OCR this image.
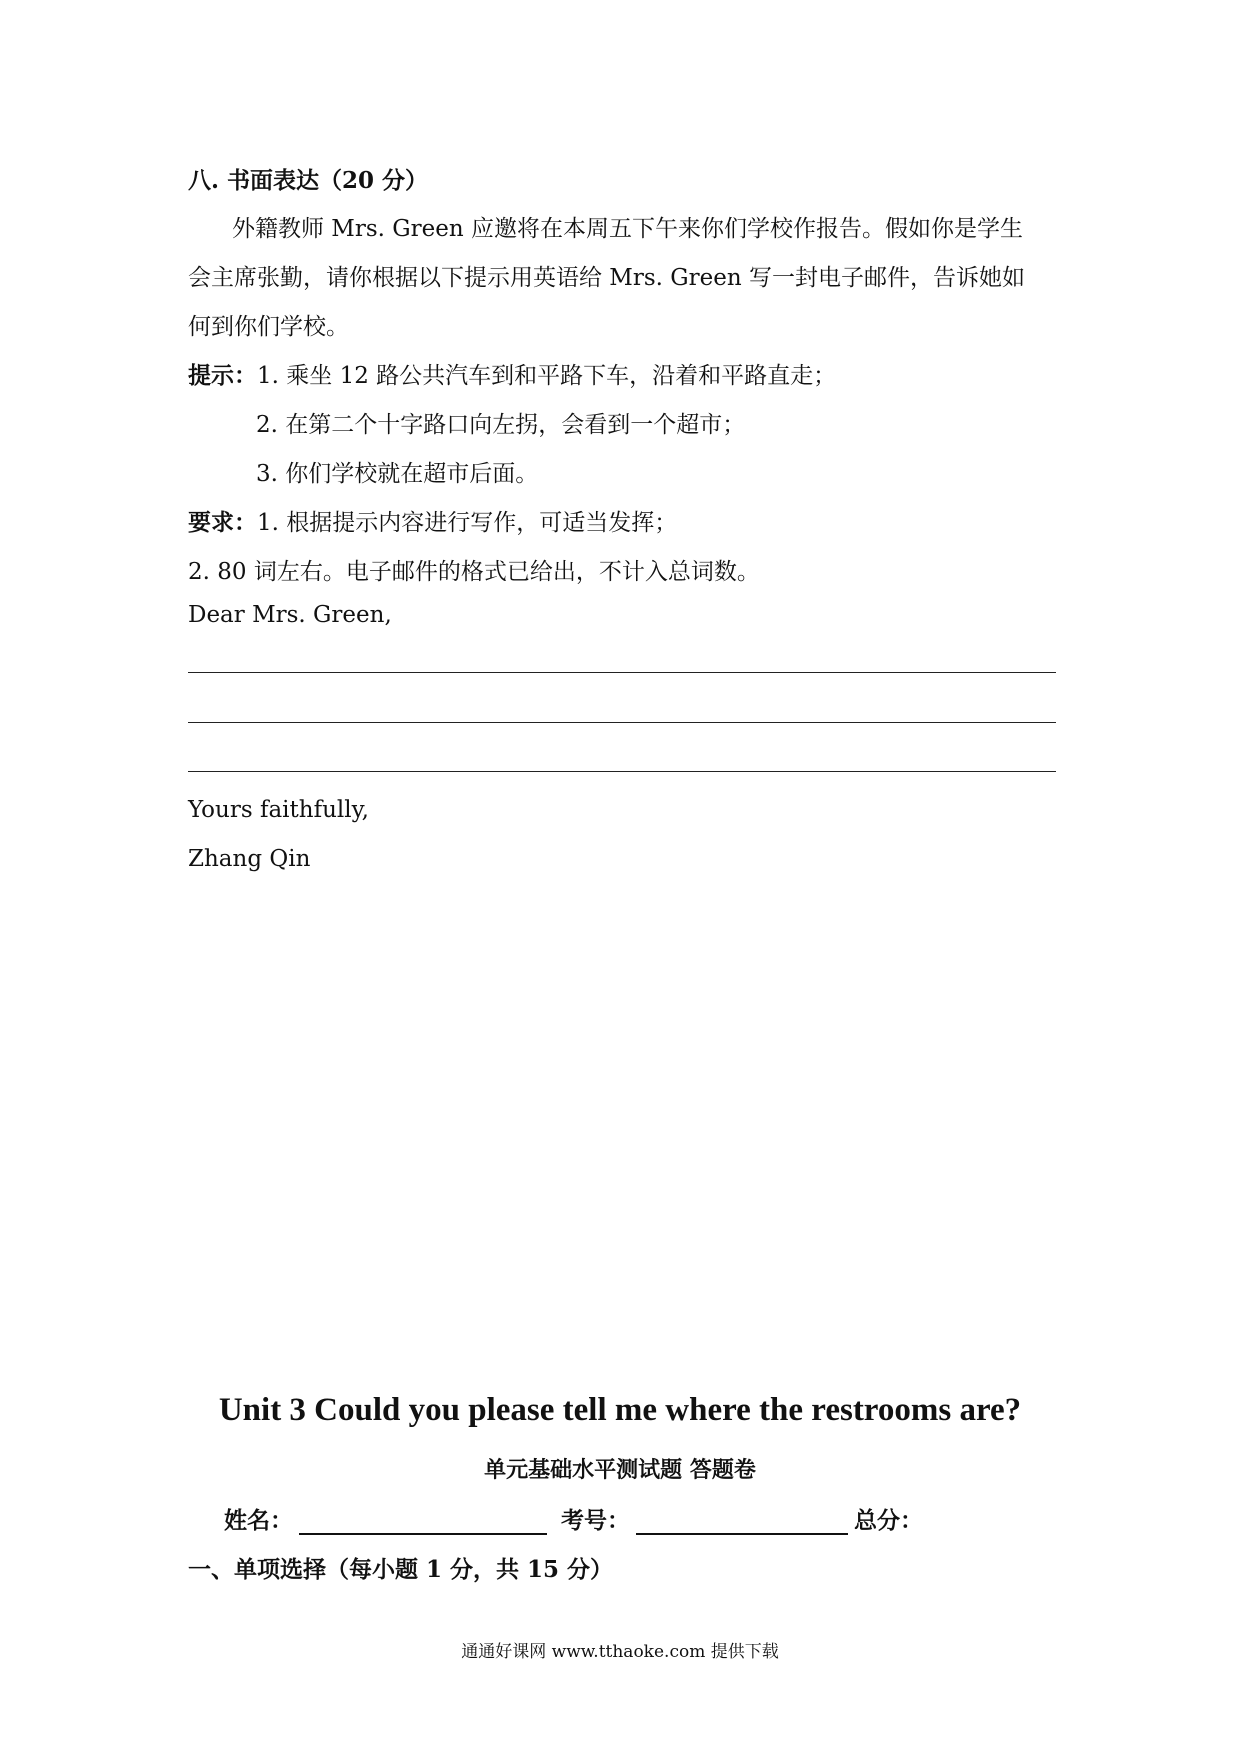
八. 书面表达（20 分）
外籍教师 Mrs. Green 应邀将在本周五下午来你们学校作报告。假如你是学生
会主席张勤，请你根据以下提示用英语给 Mrs. Green 写一封电子邮件，告诉她如
何到你们学校。
提示：1. 乘坐 12 路公共汽车到和平路下车，沿着和平路直走；
2. 在第二个十字路口向左拐，会看到一个超市；
3. 你们学校就在超市后面。
要求：1. 根据提示内容进行写作，可适当发挥；
2. 80 词左右。电子邮件的格式已给出，不计入总词数。
Dear Mrs. Green,
Yours faithfully,
Zhang Qin
Unit 3 Could you please tell me where the restrooms are?
单元基础水平测试题 答题卷
姓名：	考号：	总分：
一、单项选择（每小题 1 分，共 15 分）
通通好课网 www.tthaoke.com 提供下载
